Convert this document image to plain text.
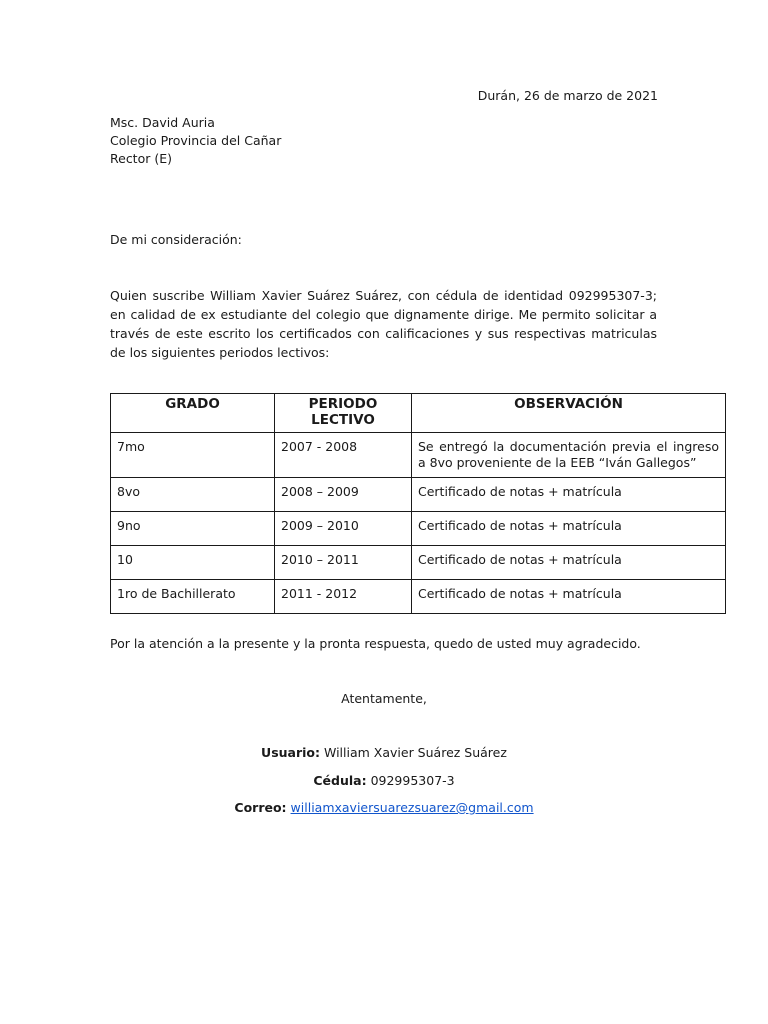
Durán, 26 de marzo de 2021
Msc. David Auria
Colegio Provincia del Cañar
Rector (E)
De mi consideración:
Quien suscribe William Xavier Suárez Suárez, con cédula de identidad 092995307-3; en calidad de ex estudiante del colegio que dignamente dirige. Me permito solicitar a través de este escrito los certificados con calificaciones y sus respectivas matriculas de los siguientes periodos lectivos:
GRADO	PERIODO LECTIVO	OBSERVACIÓN
7mo	2007 - 2008	Se entregó la documentación previa el ingreso a 8vo proveniente de la EEB “Iván Gallegos”
8vo	2008 – 2009	Certificado de notas + matrícula
9no	2009 – 2010	Certificado de notas + matrícula
10	2010 – 2011	Certificado de notas + matrícula
1ro de Bachillerato	2011 - 2012	Certificado de notas + matrícula
Por la atención a la presente y la pronta respuesta, quedo de usted muy agradecido.
Atentamente,
Usuario: William Xavier Suárez Suárez
Cédula: 092995307-3
Correo: williamxaviersuarezsuarez@gmail.com
